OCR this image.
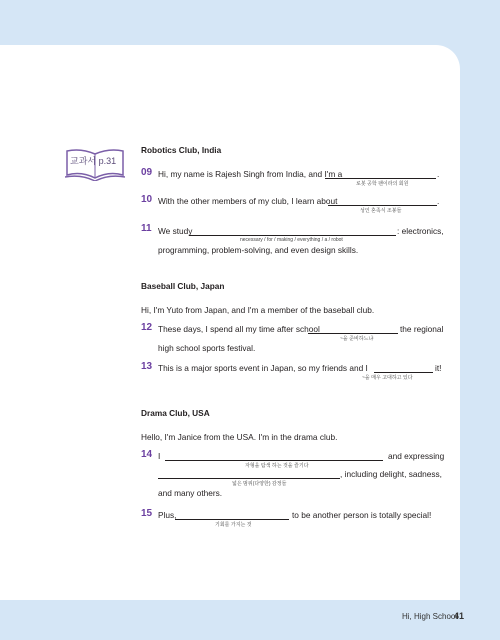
교과서 p.31
Robotics Club, India
09 Hi, my name is Rajesh Singh from India, and I'm a	.
로봇 공학 팬이라의 회원
10 With the other members of my club, I learn about	.
성인 혼족식 조봉들
11 We study	: electronics,
necessary / for / making / everything / a / robot
programming, problem-solving, and even design skills.
Baseball Club, Japan
Hi, I'm Yuto from Japan, and I'm a member of the baseball club.
12 These days, I spend all my time after school	the regional
~을 준비하느냐
high school sports festival.
13 This is a major sports event in Japan, so my friends and I	it!
~을 매우 고대하고 있다
Drama Club, USA
Hello, I'm Janice from the USA. I'm in the drama club.
14 I	and expressing
자형을 탐색 하는 것을 즐기다
, including delight, sadness,
넓은 범위(다양한) 감정들
and many others.
15 Plus,	to be another person is totally special!
기회를 가지는 것
Hi, High School
41
